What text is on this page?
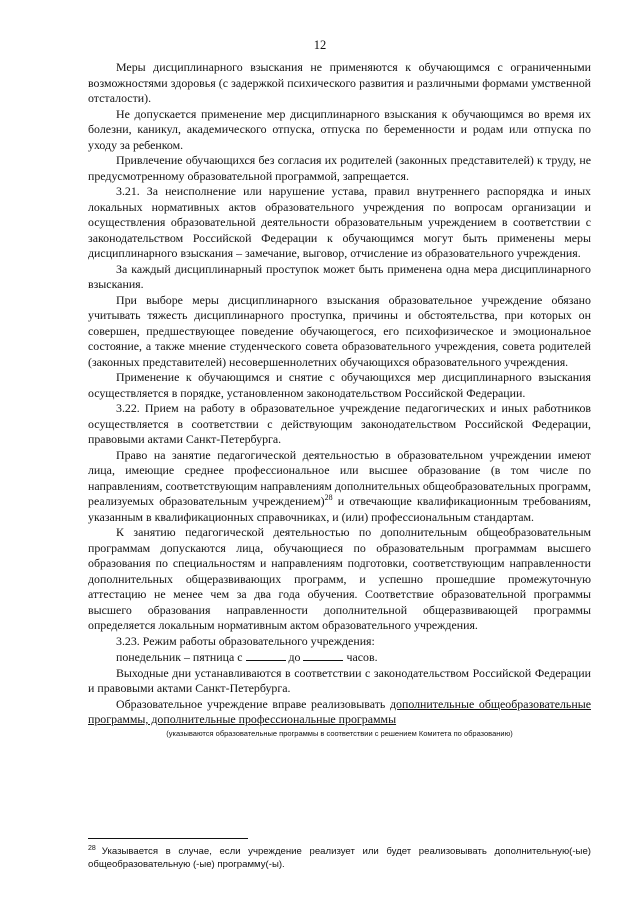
12

Меры дисциплинарного взыскания не применяются к обучающимся с ограниченными возможностями здоровья (с задержкой психического развития и различными формами умственной отсталости).

Не допускается применение мер дисциплинарного взыскания к обучающимся во время их болезни, каникул, академического отпуска, отпуска по беременности и родам или отпуска по уходу за ребенком.

Привлечение обучающихся без согласия их родителей (законных представителей) к труду, не предусмотренному образовательной программой, запрещается.

3.21. За неисполнение или нарушение устава, правил внутреннего распорядка и иных локальных нормативных актов образовательного учреждения по вопросам организации и осуществления образовательной деятельности образовательным учреждением в соответствии с законодательством Российской Федерации к обучающимся могут быть применены меры дисциплинарного взыскания – замечание, выговор, отчисление из образовательного учреждения.

За каждый дисциплинарный проступок может быть применена одна мера дисциплинарного взыскания.

При выборе меры дисциплинарного взыскания образовательное учреждение обязано учитывать тяжесть дисциплинарного проступка, причины и обстоятельства, при которых он совершен, предшествующее поведение обучающегося, его психофизическое и эмоциональное состояние, а также мнение студенческого совета образовательного учреждения, совета родителей (законных представителей) несовершеннолетних обучающихся образовательного учреждения.

Применение к обучающимся и снятие с обучающихся мер дисциплинарного взыскания осуществляется в порядке, установленном законодательством Российской Федерации.

3.22. Прием на работу в образовательное учреждение педагогических и иных работников осуществляется в соответствии с действующим законодательством Российской Федерации, правовыми актами Санкт-Петербурга.

Право на занятие педагогической деятельностью в образовательном учреждении имеют лица, имеющие среднее профессиональное или высшее образование (в том числе по направлениям, соответствующим направлениям дополнительных общеобразовательных программ, реализуемых образовательным учреждением)$^{28}$ и отвечающие квалификационным требованиям, указанным в квалификационных справочниках, и (или) профессиональным стандартам.

К занятию педагогической деятельностью по дополнительным общеобразовательным программам допускаются лица, обучающиеся по образовательным программам высшего образования по специальностям и направлениям подготовки, соответствующим направленности дополнительных общеразвивающих программ, и успешно прошедшие промежуточную аттестацию не менее чем за два года обучения. Соответствие образовательной программы высшего образования направленности дополнительной общеразвивающей программы определяется локальным нормативным актом образовательного учреждения.

3.23. Режим работы образовательного учреждения:

понедельник – пятница с	до	часов.

Выходные дни устанавливаются в соответствии с законодательством Российской Федерации и правовыми актами Санкт-Петербурга.

Образовательное учреждение вправе реализовывать дополнительные общеобразовательные программы, дополнительные профессиональные программы

(указываются образовательные программы в соответствии с решением Комитета по образованию)
$^{28}$ Указывается в случае, если учреждение реализует или будет реализовывать дополнительную(-ые) общеобразовательную (-ые) программу(-ы).
